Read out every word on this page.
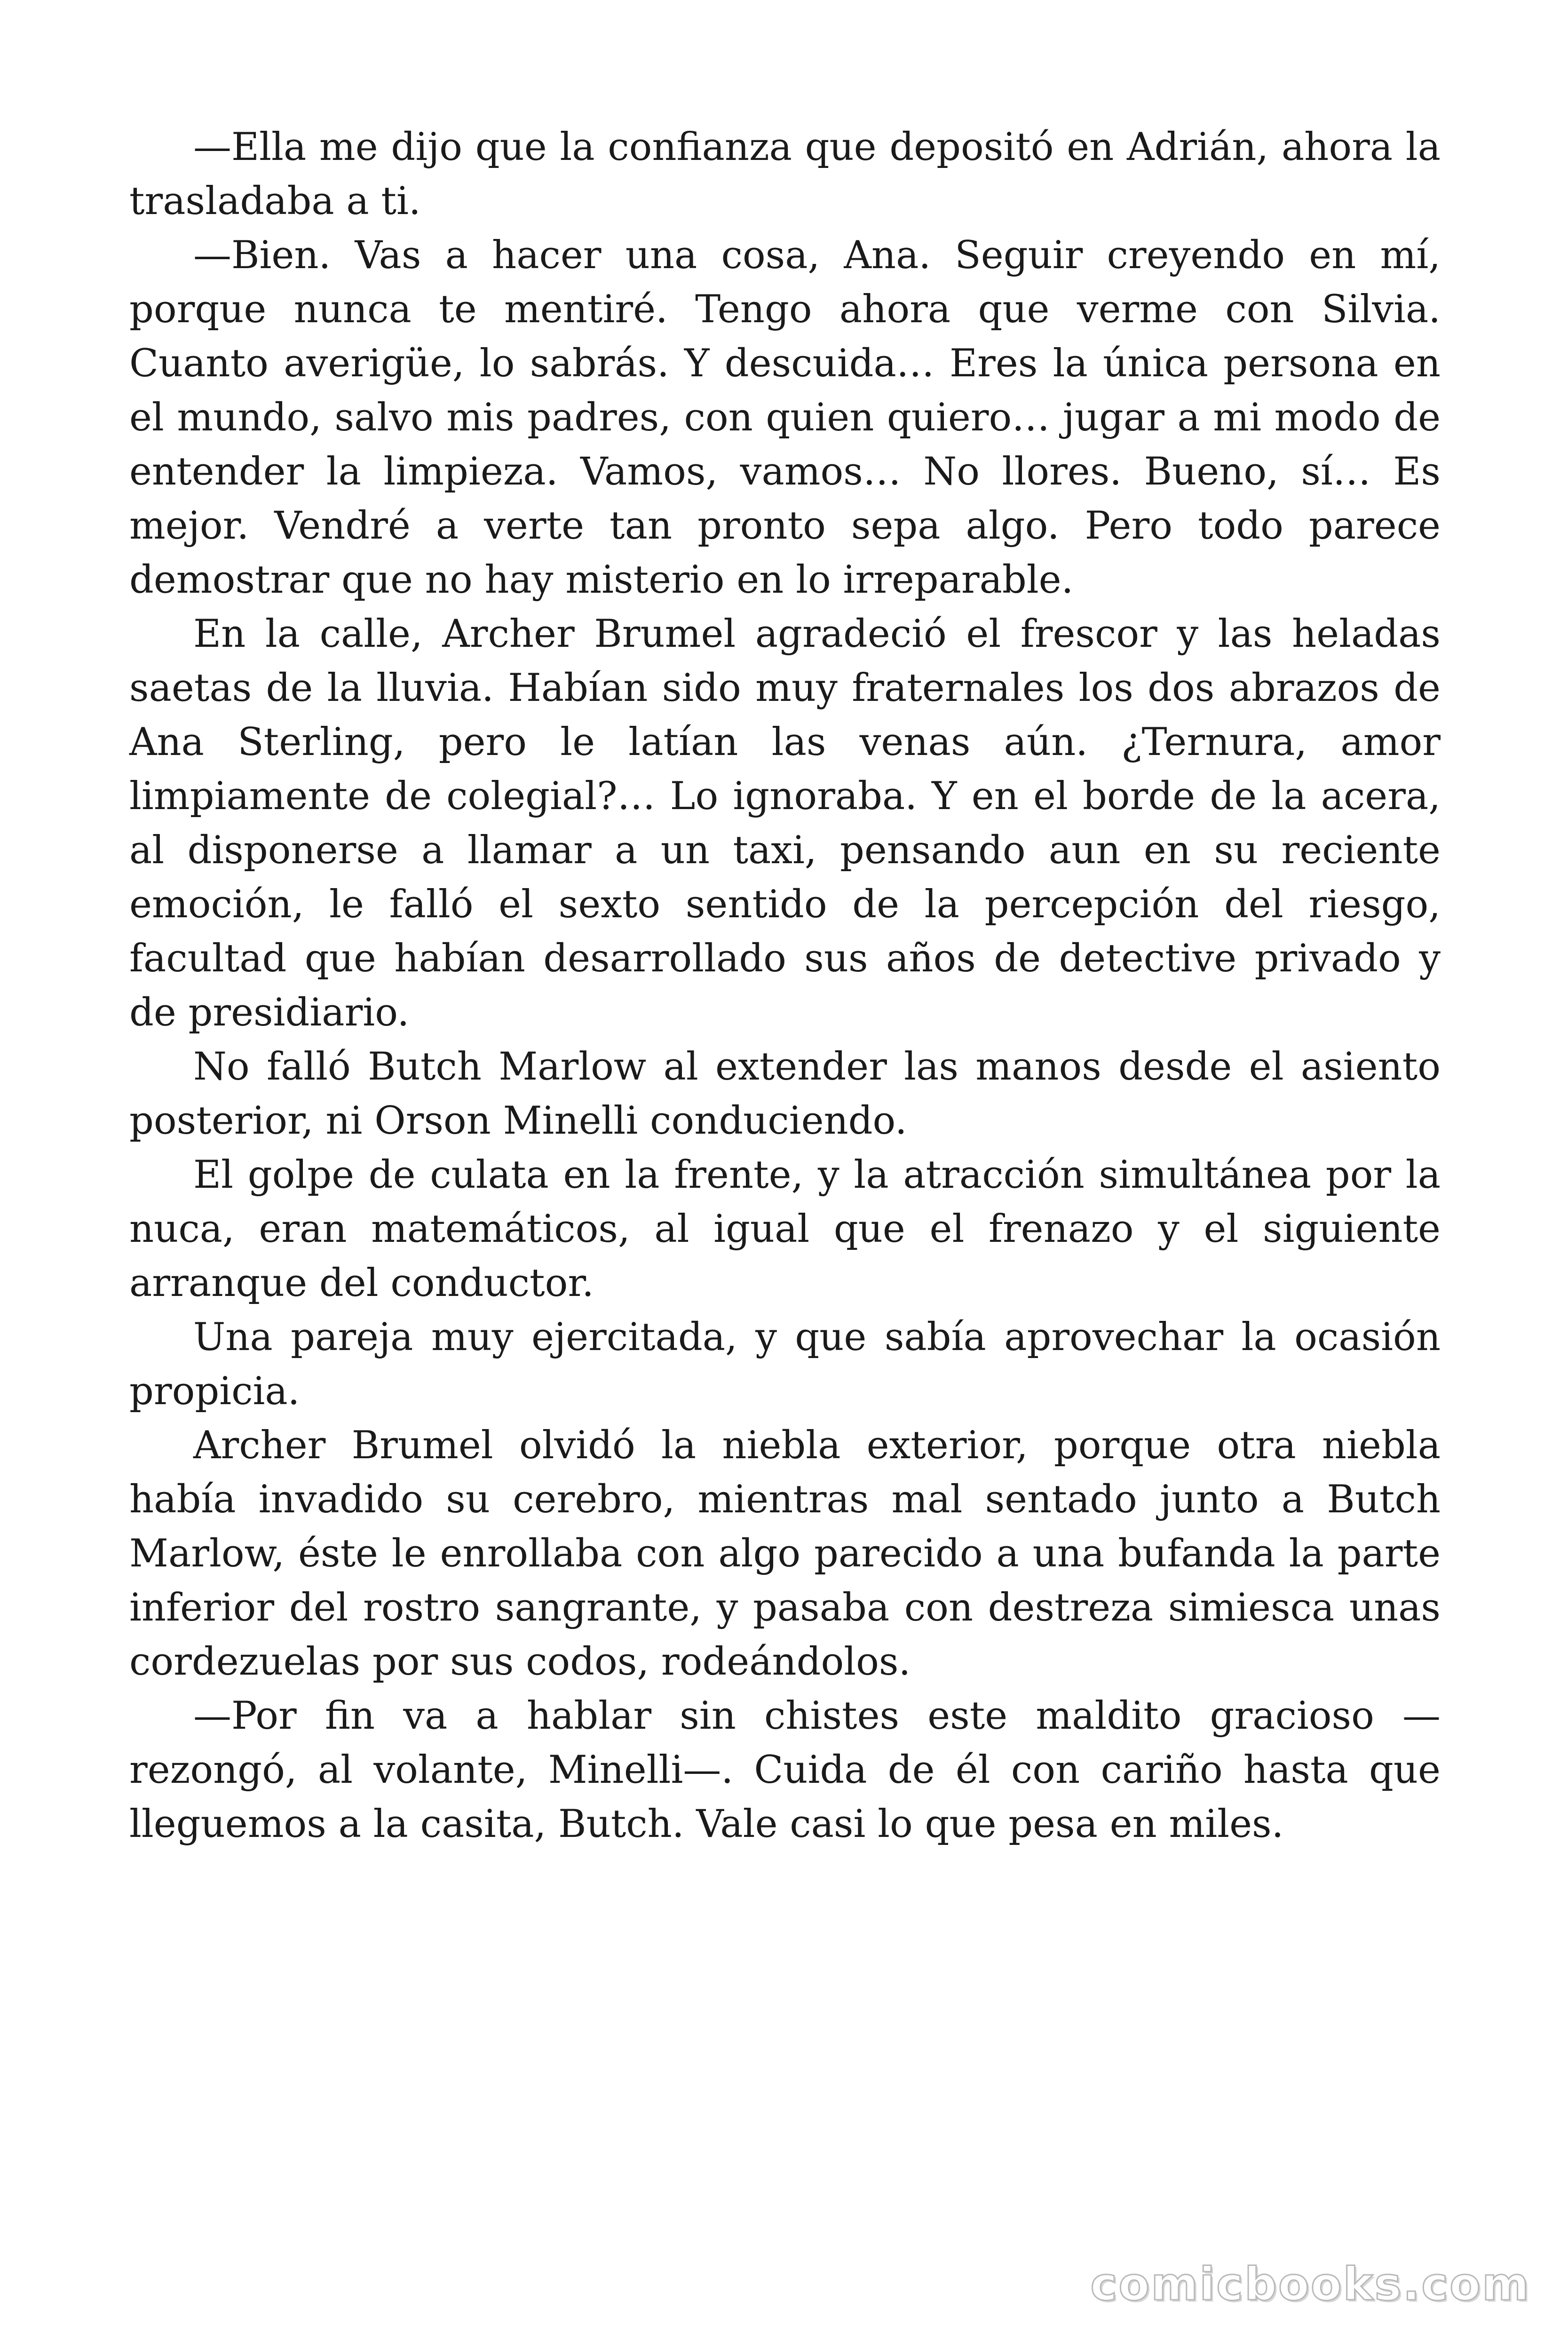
—Ella me dijo que la confianza que depositó en Adrián, ahora la trasladaba a ti.

—Bien. Vas a hacer una cosa, Ana. Seguir creyendo en mí, porque nunca te mentiré. Tengo ahora que verme con Silvia. Cuanto averigüe, lo sabrás. Y descuida… Eres la única persona en el mundo, salvo mis padres, con quien quiero… jugar a mi modo de entender la limpieza. Vamos, vamos… No llores. Bueno, sí… Es mejor. Vendré a verte tan pronto sepa algo. Pero todo parece demostrar que no hay misterio en lo irreparable.

En la calle, Archer Brumel agradeció el frescor y las heladas saetas de la lluvia. Habían sido muy fraternales los dos abrazos de Ana Sterling, pero le latían las venas aún. ¿Ternura, amor limpiamente de colegial?… Lo ignoraba. Y en el borde de la acera, al disponerse a llamar a un taxi, pensando aun en su reciente emoción, le falló el sexto sentido de la percepción del riesgo, facultad que habían desarrollado sus años de detective privado y de presidiario.

No falló Butch Marlow al extender las manos desde el asiento posterior, ni Orson Minelli conduciendo.

El golpe de culata en la frente, y la atracción simultánea por la nuca, eran matemáticos, al igual que el frenazo y el siguiente arranque del conductor.

Una pareja muy ejercitada, y que sabía aprovechar la ocasión propicia.

Archer Brumel olvidó la niebla exterior, porque otra niebla había invadido su cerebro, mientras mal sentado junto a Butch Marlow, éste le enrollaba con algo parecido a una bufanda la parte inferior del rostro sangrante, y pasaba con destreza simiesca unas cordezuelas por sus codos, rodeándolos.

—Por fin va a hablar sin chistes este maldito gracioso —rezongó, al volante, Minelli—. Cuida de él con cariño hasta que lleguemos a la casita, Butch. Vale casi lo que pesa en miles.

comicbooks.com
